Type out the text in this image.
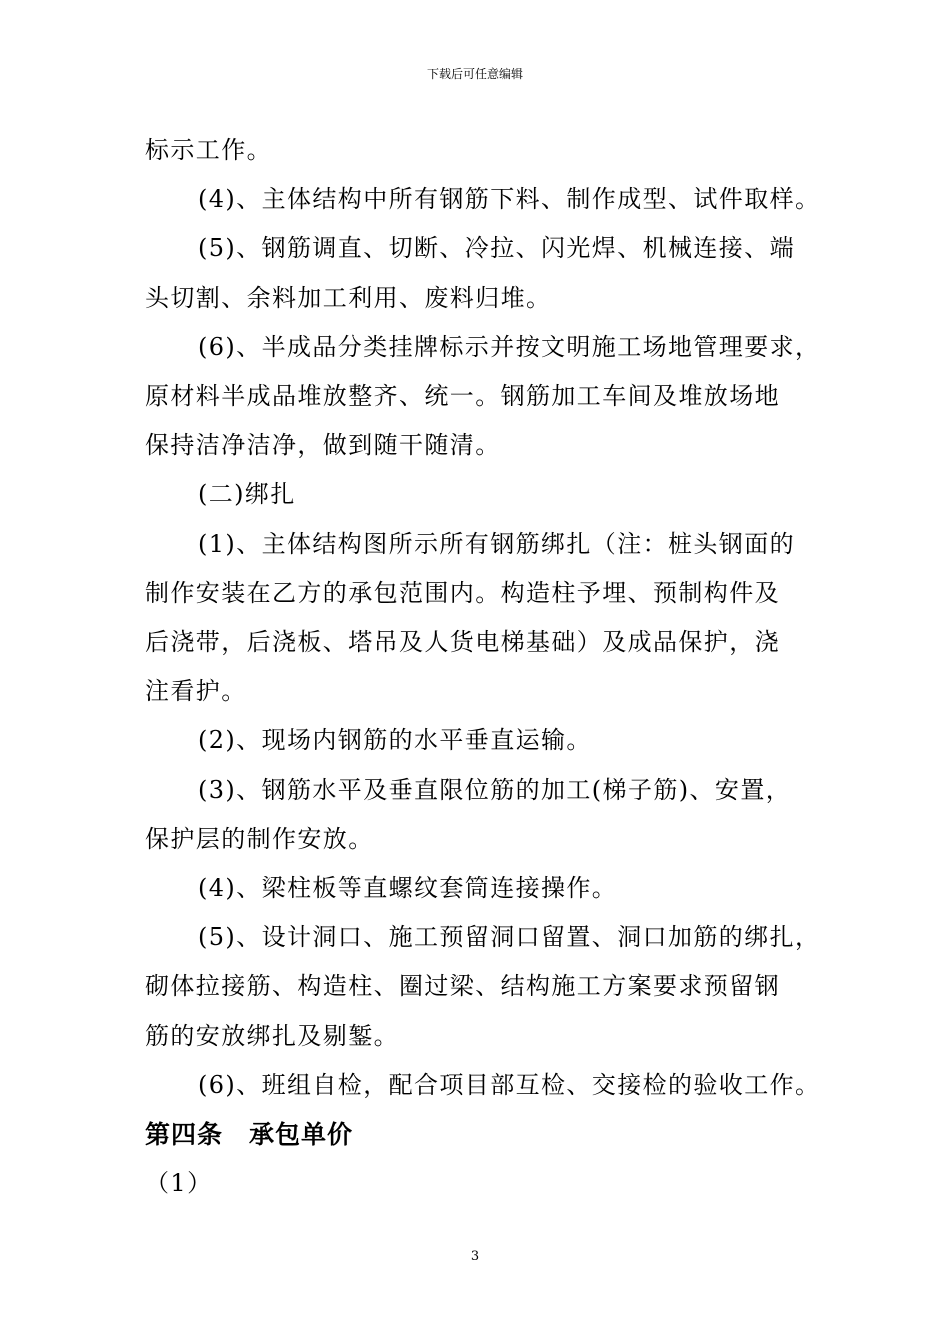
下载后可任意编辑

标示工作。

(4)、主体结构中所有钢筋下料、制作成型、试件取样。

(5)、钢筋调直、切断、冷拉、闪光焊、机械连接、端

头切割、余料加工利用、废料归堆。

(6)、半成品分类挂牌标示并按文明施工场地管理要求，

原材料半成品堆放整齐、统一。钢筋加工车间及堆放场地

保持洁净洁净，做到随干随清。

(二)绑扎

(1)、主体结构图所示所有钢筋绑扎（注：桩头钢面的

制作安装在乙方的承包范围内。构造柱予埋、预制构件及

后浇带，后浇板、塔吊及人货电梯基础）及成品保护，浇

注看护。

(2)、现场内钢筋的水平垂直运输。

(3)、钢筋水平及垂直限位筋的加工(梯子筋)、安置，

保护层的制作安放。

(4)、梁柱板等直螺纹套筒连接操作。

(5)、设计洞口、施工预留洞口留置、洞口加筋的绑扎，

砌体拉接筋、构造柱、圈过梁、结构施工方案要求预留钢

筋的安放绑扎及剔錾。

(6)、班组自检，配合项目部互检、交接检的验收工作。

第四条　承包单价

（1）

3
